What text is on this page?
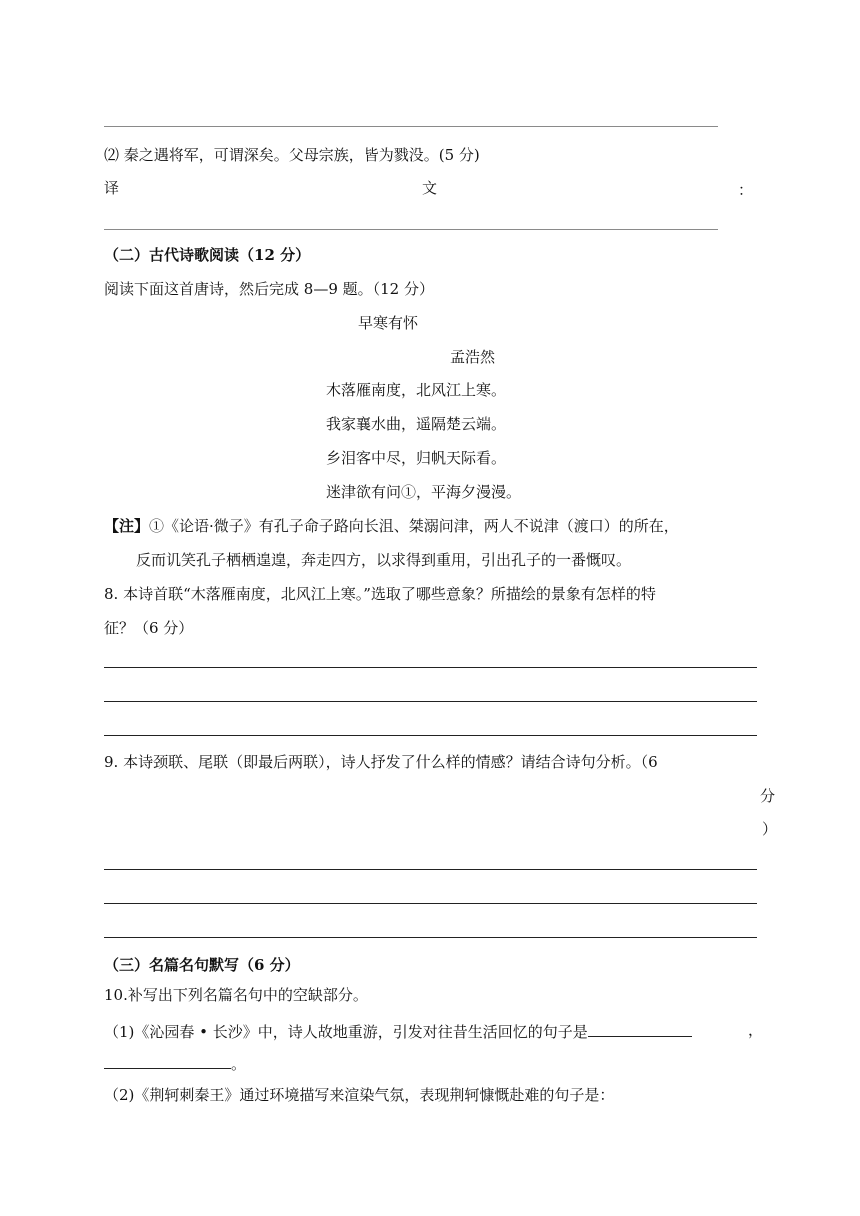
⑵ 秦之遇将军，可谓深矣。父母宗族，皆为戮没。(5 分)
译	文	：
（二）古代诗歌阅读（12 分）
阅读下面这首唐诗，然后完成 8—9 题。（12 分）
早寒有怀
孟浩然
木落雁南度，北风江上寒。
我家襄水曲，遥隔楚云端。
乡泪客中尽，归帆天际看。
迷津欲有问①，平海夕漫漫。
【注】①《论语·微子》有孔子命子路向长沮、桀溺问津，两人不说津（渡口）的所在，
反而讥笑孔子栖栖遑遑，奔走四方，以求得到重用，引出孔子的一番慨叹。
8. 本诗首联“木落雁南度，北风江上寒。”选取了哪些意象？所描绘的景象有怎样的特
征？（6 分）
9. 本诗颈联、尾联（即最后两联），诗人抒发了什么样的情感？请结合诗句分析。（6
分
）
（三）名篇名句默写（6 分）
10.补写出下列名篇名句中的空缺部分。
（1)《沁园春 • 长沙》中，诗人故地重游，引发对往昔生活回忆的句子是	，
。
（2)《荆轲刺秦王》通过环境描写来渲染气氛，表现荆轲慷慨赴难的句子是：
